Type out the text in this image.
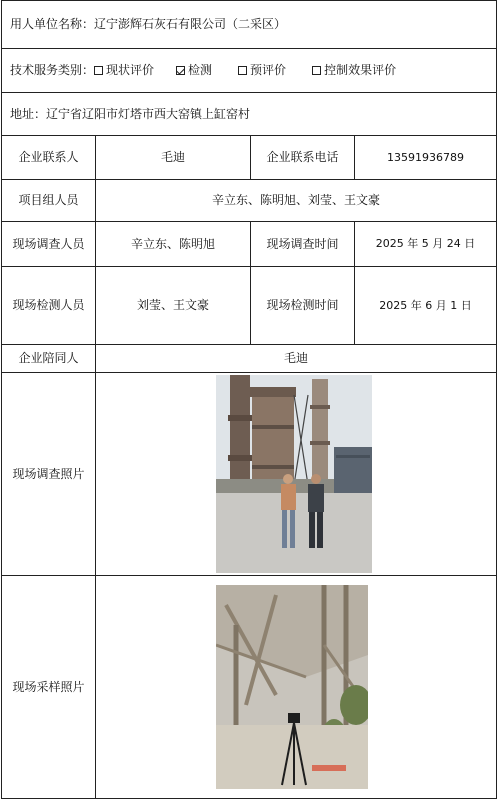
用人单位名称： 辽宁澎辉石灰石有限公司（二采区）
技术服务类别： 现状评价	检测	预评价	控制效果评价
地址： 辽宁省辽阳市灯塔市西大窑镇上缸窑村
企业联系人	毛迪	企业联系电话	13591936789
项目组人员	辛立东、陈明旭、刘莹、王文豪
现场调查人员	辛立东、陈明旭	现场调查时间	2025 年 5 月 24 日
现场检测人员	刘莹、王文豪	现场检测时间	2025 年 6 月 1 日
企业陪同人	毛迪
现场调查照片
现场采样照片
